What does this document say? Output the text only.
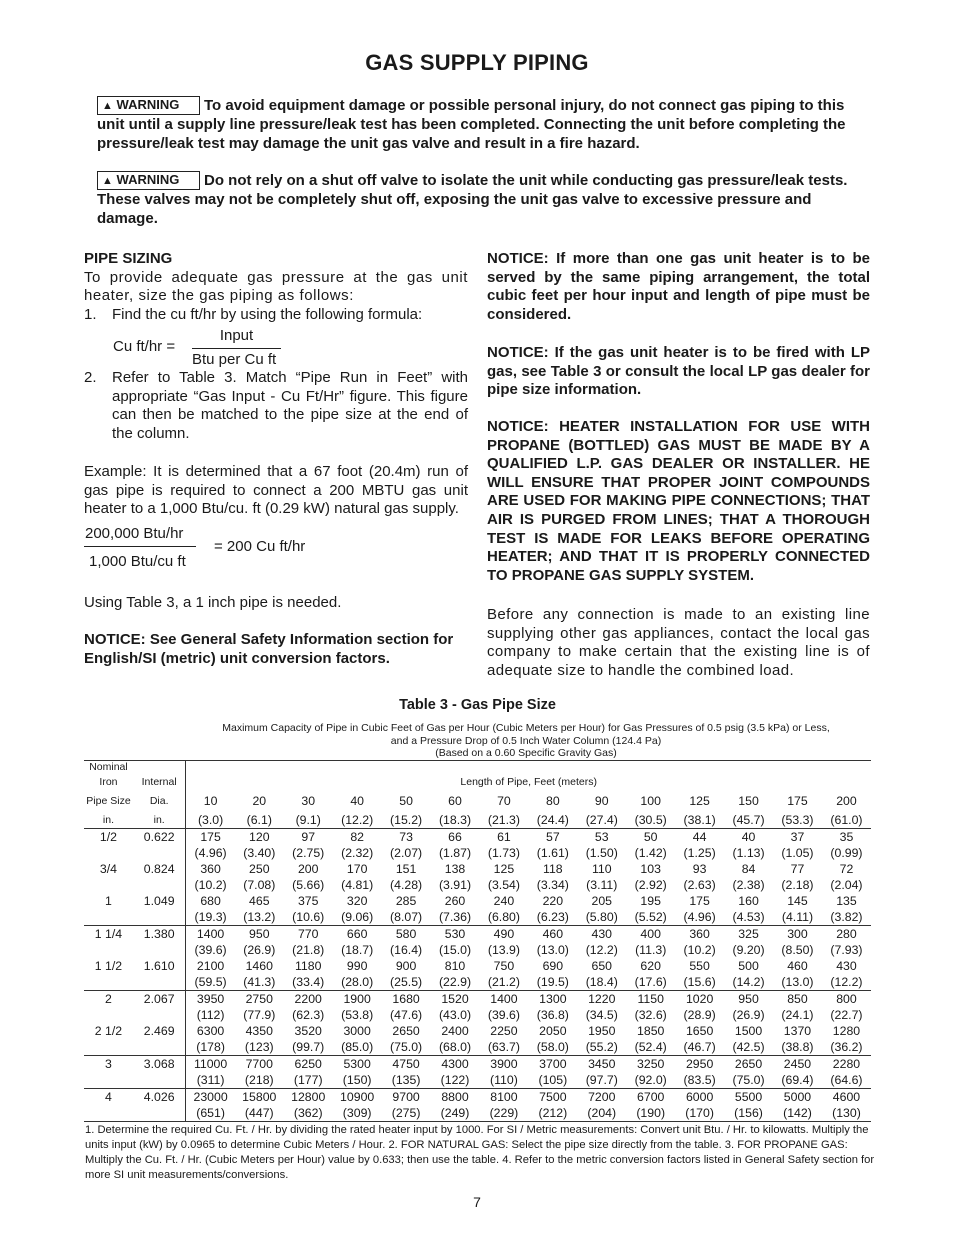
GAS SUPPLY PIPING
▲ WARNING To avoid equipment damage or possible personal injury, do not connect gas piping to this unit until a supply line pressure/leak test has been completed. Connecting the unit before completing the pressure/leak test may damage the unit gas valve and result in a fire hazard.
▲ WARNING Do not rely on a shut off valve to isolate the unit while conducting gas pressure/leak tests. These valves may not be completely shut off, exposing the unit gas valve to excessive pressure and damage.

PIPE SIZING

To provide adequate gas pressure at the gas unit heater, size the gas piping as follows:

1. Find the cu ft/hr by using the following formula:

Cu ft/hr =
Input
Btu per Cu ft
2. Refer to Table 3. Match “Pipe Run in Feet” with appropriate “Gas Input - Cu Ft/Hr” figure. This figure can then be matched to the pipe size at the end of the column.

Example: It is determined that a 67 foot (20.4m) run of gas pipe is required to connect a 200 MBTU gas unit heater to a 1,000 Btu/cu. ft (0.29 kW) natural gas supply.
200,000 Btu/hr
1,000 Btu/cu ft
= 200 Cu ft/hr
Using Table 3, a 1 inch pipe is needed.
NOTICE: See General Safety Information section for English/SI (metric) unit conversion factors.
NOTICE: If more than one gas unit heater is to be served by the same piping arrangement, the total cubic feet per hour input and length of pipe must be considered.
NOTICE: If the gas unit heater is to be fired with LP gas, see Table 3 or consult the local LP gas dealer for pipe size information.
NOTICE: HEATER INSTALLATION FOR USE WITH PROPANE (BOTTLED) GAS MUST BE MADE BY A QUALIFIED L.P. GAS DEALER OR INSTALLER. HE WILL ENSURE THAT PROPER JOINT COMPOUNDS ARE USED FOR MAKING PIPE CONNECTIONS; THAT AIR IS PURGED FROM LINES; THAT A THOROUGH TEST IS MADE FOR LEAKS BEFORE OPERATING HEATER; AND THAT IT IS PROPERLY CONNECTED TO PROPANE GAS SUPPLY SYSTEM.
Before any connection is made to an existing line supplying other gas appliances, contact the local gas company to make certain that the existing line is of adequate size to handle the combined load.
Table 3 - Gas Pipe Size
Maximum Capacity of Pipe in Cubic Feet of Gas per Hour (Cubic Meters per Hour) for Gas Pressures of 0.5 psig (3.5 kPa) or Less,
and a Pressure Drop of 0.5 Inch Water Column (124.4 Pa)
(Based on a 0.60 Specific Gravity Gas)
Nominal															
Iron	Internal	Length of Pipe, Feet (meters)													
Pipe Size	Dia.	10	20	30	40	50	60	70	80	90	100	125	150	175	200
in.	in.	(3.0)	(6.1)	(9.1)	(12.2)	(15.2)	(18.3)	(21.3)	(24.4)	(27.4)	(30.5)	(38.1)	(45.7)	(53.3)	(61.0)
1/2	0.622	175	120	97	82	73	66	61	57	53	50	44	40	37	35
		(4.96)	(3.40)	(2.75)	(2.32)	(2.07)	(1.87)	(1.73)	(1.61)	(1.50)	(1.42)	(1.25)	(1.13)	(1.05)	(0.99)
3/4	0.824	360	250	200	170	151	138	125	118	110	103	93	84	77	72
		(10.2)	(7.08)	(5.66)	(4.81)	(4.28)	(3.91)	(3.54)	(3.34)	(3.11)	(2.92)	(2.63)	(2.38)	(2.18)	(2.04)
1	1.049	680	465	375	320	285	260	240	220	205	195	175	160	145	135
		(19.3)	(13.2)	(10.6)	(9.06)	(8.07)	(7.36)	(6.80)	(6.23)	(5.80)	(5.52)	(4.96)	(4.53)	(4.11)	(3.82)
1 1/4	1.380	1400	950	770	660	580	530	490	460	430	400	360	325	300	280
		(39.6)	(26.9)	(21.8)	(18.7)	(16.4)	(15.0)	(13.9)	(13.0)	(12.2)	(11.3)	(10.2)	(9.20)	(8.50)	(7.93)
1 1/2	1.610	2100	1460	1180	990	900	810	750	690	650	620	550	500	460	430
		(59.5)	(41.3)	(33.4)	(28.0)	(25.5)	(22.9)	(21.2)	(19.5)	(18.4)	(17.6)	(15.6)	(14.2)	(13.0)	(12.2)
2	2.067	3950	2750	2200	1900	1680	1520	1400	1300	1220	1150	1020	950	850	800
		(112)	(77.9)	(62.3)	(53.8)	(47.6)	(43.0)	(39.6)	(36.8)	(34.5)	(32.6)	(28.9)	(26.9)	(24.1)	(22.7)
2 1/2	2.469	6300	4350	3520	3000	2650	2400	2250	2050	1950	1850	1650	1500	1370	1280
		(178)	(123)	(99.7)	(85.0)	(75.0)	(68.0)	(63.7)	(58.0)	(55.2)	(52.4)	(46.7)	(42.5)	(38.8)	(36.2)
3	3.068	11000	7700	6250	5300	4750	4300	3900	3700	3450	3250	2950	2650	2450	2280
		(311)	(218)	(177)	(150)	(135)	(122)	(110)	(105)	(97.7)	(92.0)	(83.5)	(75.0)	(69.4)	(64.6)
4	4.026	23000	15800	12800	10900	9700	8800	8100	7500	7200	6700	6000	5500	5000	4600
		(651)	(447)	(362)	(309)	(275)	(249)	(229)	(212)	(204)	(190)	(170)	(156)	(142)	(130)
1. Determine the required Cu. Ft. / Hr. by dividing the rated heater input by 1000. For SI / Metric measurements: Convert unit Btu. / Hr. to kilowatts. Multiply the units input (kW) by 0.0965 to determine Cubic Meters / Hour. 2. FOR NATURAL GAS: Select the pipe size directly from the table. 3. FOR PROPANE GAS: Multiply the Cu. Ft. / Hr. (Cubic Meters per Hour) value by 0.633; then use the table. 4. Refer to the metric conversion factors listed in General Safety section for more SI unit measurements/conversions.
7
